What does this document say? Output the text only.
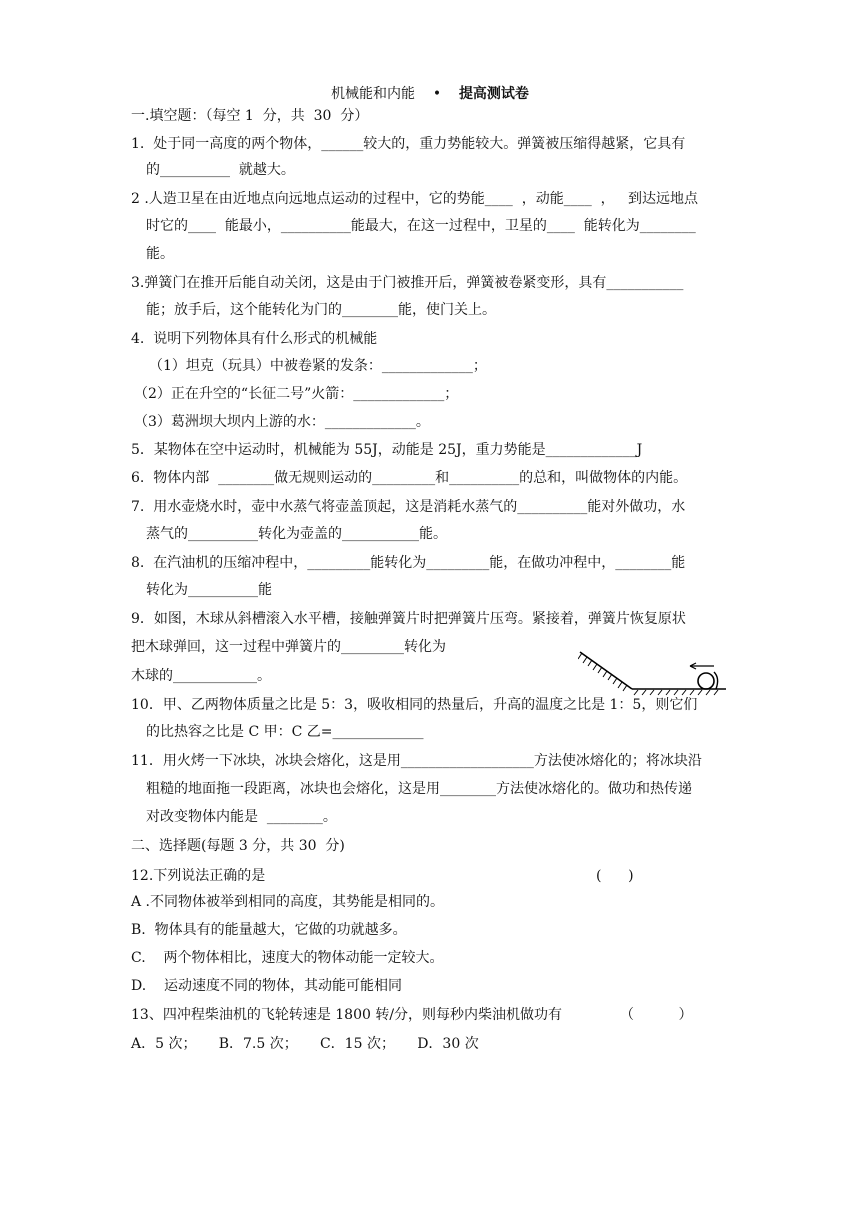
机械能和内能 • 提高测试卷
一.填空题：（每空 1  分，共  30  分）
1.  处于同一高度的两个物体，______较大的，重力势能较大。弹簧被压缩得越紧，它具有
的__________  就越大。
2 .人造卫星在由近地点向远地点运动的过程中，它的势能____  ，动能____  ，   到达远地点
时它的____  能最小，__________能最大，在这一过程中，卫星的____  能转化为________
能。
3.弹簧门在推开后能自动关闭，这是由于门被推开后，弹簧被卷紧变形，具有___________
能；放手后，这个能转化为门的________能，使门关上。
4.  说明下列物体具有什么形式的机械能
（1）坦克（玩具）中被卷紧的发条：_____________；
（2）正在升空的“长征二号”火箭：_____________；
（3）葛洲坝大坝内上游的水：_____________。
5．某物体在空中运动时，机械能为 55J，动能是 25J，重力势能是_____________J
6.  物体内部  ________做无规则运动的_________和__________的总和，叫做物体的内能。
7.  用水壶烧水时，壶中水蒸气将壶盖顶起，这是消耗水蒸气的__________能对外做功，水
蒸气的__________转化为壶盖的___________能。
8.  在汽油机的压缩冲程中，_________能转化为_________能，在做功冲程中，________能
转化为__________能
9．如图，木球从斜槽滚入水平槽，接触弹簧片时把弹簧片压弯。紧接着，弹簧片恢复原状
把木球弹回，这一过程中弹簧片的_________转化为
木球的____________。
10．甲、乙两物体质量之比是 5：3，吸收相同的热量后，升高的温度之比是 1：5，则它们
的比热容之比是 C 甲：C 乙=_____________
11．用火烤一下冰块，冰块会熔化，这是用___________________方法使冰熔化的；将冰块沿
粗糙的地面拖一段距离，冰块也会熔化，这是用________方法使冰熔化的。做功和热传递
对改变物体内能是  ________。
二、选择题(每题 3 分，共 30  分)
12.下列说法正确的是	(      )
A .不同物体被举到相同的高度，其势能是相同的。
B.  物体具有的能量越大，它做的功就越多。
C.    两个物体相比，速度大的物体动能一定较大。
D.    运动速度不同的物体，其动能可能相同
13、四冲程柴油机的飞轮转速是 1800 转/分，则每秒内柴油机做功有	（          ）
A．5 次；     B．7.5 次；     C．15 次；     D．30 次
